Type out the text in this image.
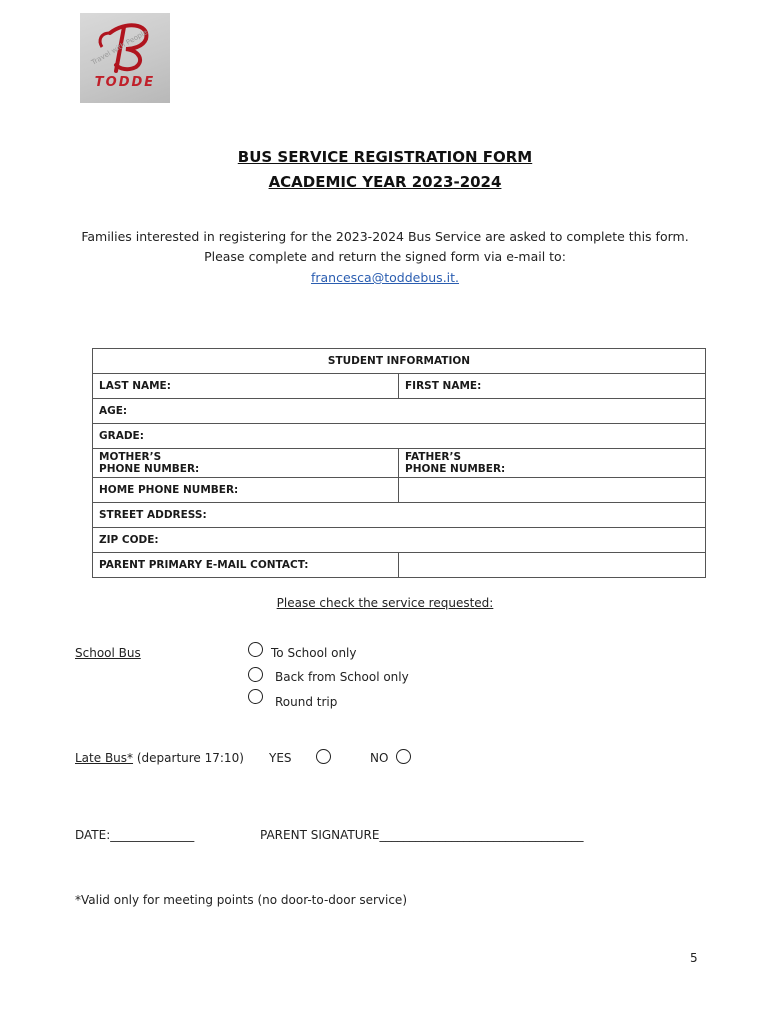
Travel with People
TODDE
BUS SERVICE REGISTRATION FORM
ACADEMIC YEAR 2023-2024
Families interested in registering for the 2023-2024 Bus Service are asked to complete this form.
Please complete and return the signed form via e-mail to:
francesca@toddebus.it.
STUDENT INFORMATION	
LAST NAME:	FIRST NAME:
AGE:	
GRADE:	

MOTHER’S
PHONE NUMBER:	FATHER’S
PHONE NUMBER:

HOME PHONE NUMBER:	
STREET ADDRESS:	
ZIP CODE:	
PARENT PRIMARY E-MAIL CONTACT:	
Please check the service requested:
School Bus	To School only
Back from School only
Round trip
Late Bus* (departure 17:10) YES	NO
DATE:______________	PARENT SIGNATURE__________________________________
*Valid only for meeting points (no door-to-door service)
5
